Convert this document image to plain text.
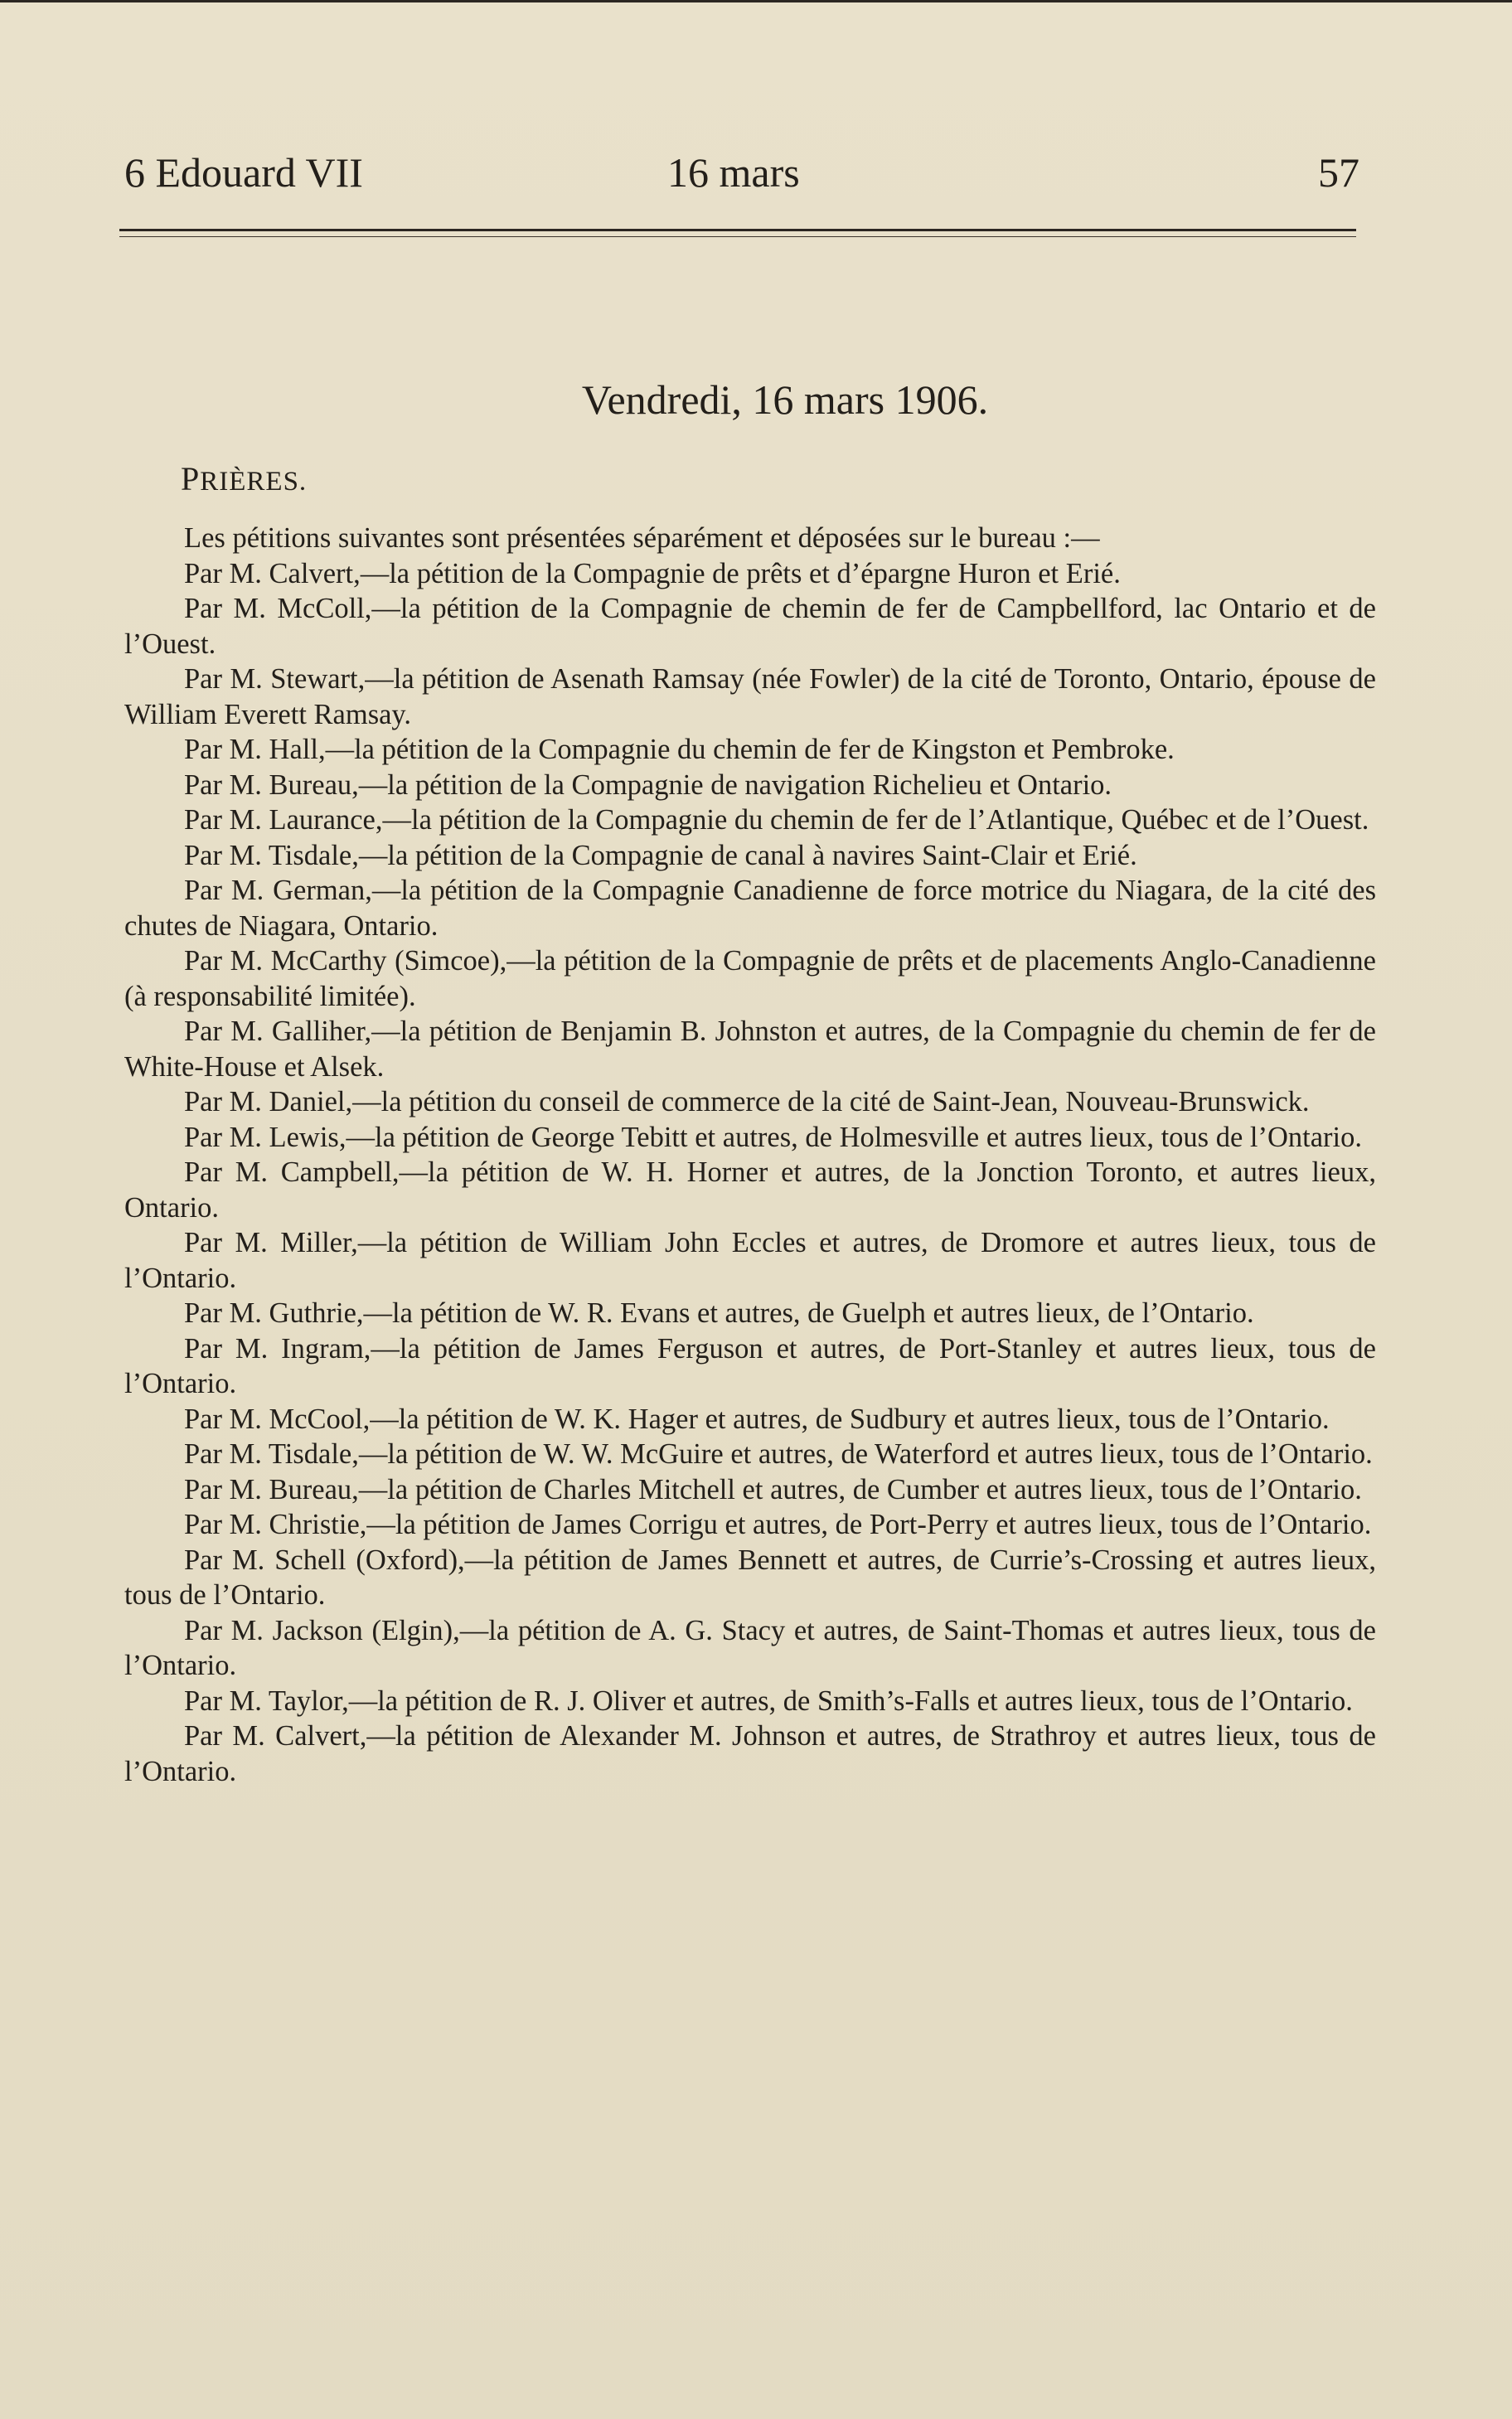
6 Edouard VII	16 mars	57
Vendredi, 16 mars 1906.
PRIÈRES.

Les pétitions suivantes sont présentées séparément et déposées sur le bureau :—

Par M. Calvert,—la pétition de la Compagnie de prêts et d’épargne Huron et Erié.

Par M. McColl,—la pétition de la Compagnie de chemin de fer de Campbellford, lac Ontario et de l’Ouest.

Par M. Stewart,—la pétition de Asenath Ramsay (née Fowler) de la cité de Toronto, Ontario, épouse de William Everett Ramsay.

Par M. Hall,—la pétition de la Compagnie du chemin de fer de Kingston et Pembroke.

Par M. Bureau,—la pétition de la Compagnie de navigation Richelieu et Ontario.

Par M. Laurance,—la pétition de la Compagnie du chemin de fer de l’Atlantique, Québec et de l’Ouest.

Par M. Tisdale,—la pétition de la Compagnie de canal à navires Saint-Clair et Erié.

Par M. German,—la pétition de la Compagnie Canadienne de force motrice du Niagara, de la cité des chutes de Niagara, Ontario.

Par M. McCarthy (Simcoe),—la pétition de la Compagnie de prêts et de placements Anglo-Canadienne (à responsabilité limitée).

Par M. Galliher,—la pétition de Benjamin B. Johnston et autres, de la Compagnie du chemin de fer de White-House et Alsek.

Par M. Daniel,—la pétition du conseil de commerce de la cité de Saint-Jean, Nouveau-Brunswick.

Par M. Lewis,—la pétition de George Tebitt et autres, de Holmesville et autres lieux, tous de l’Ontario.

Par M. Campbell,—la pétition de W. H. Horner et autres, de la Jonction Toronto, et autres lieux, Ontario.

Par M. Miller,—la pétition de William John Eccles et autres, de Dromore et autres lieux, tous de l’Ontario.

Par M. Guthrie,—la pétition de W. R. Evans et autres, de Guelph et autres lieux, de l’Ontario.

Par M. Ingram,—la pétition de James Ferguson et autres, de Port-Stanley et autres lieux, tous de l’Ontario.

Par M. McCool,—la pétition de W. K. Hager et autres, de Sudbury et autres lieux, tous de l’Ontario.

Par M. Tisdale,—la pétition de W. W. McGuire et autres, de Waterford et autres lieux, tous de l’Ontario.

Par M. Bureau,—la pétition de Charles Mitchell et autres, de Cumber et autres lieux, tous de l’Ontario.

Par M. Christie,—la pétition de James Corrigu et autres, de Port-Perry et autres lieux, tous de l’Ontario.

Par M. Schell (Oxford),—la pétition de James Bennett et autres, de Currie’s-Crossing et autres lieux, tous de l’Ontario.

Par M. Jackson (Elgin),—la pétition de A. G. Stacy et autres, de Saint-Thomas et autres lieux, tous de l’Ontario.

Par M. Taylor,—la pétition de R. J. Oliver et autres, de Smith’s-Falls et autres lieux, tous de l’Ontario.

Par M. Calvert,—la pétition de Alexander M. Johnson et autres, de Strathroy et autres lieux, tous de l’Ontario.
